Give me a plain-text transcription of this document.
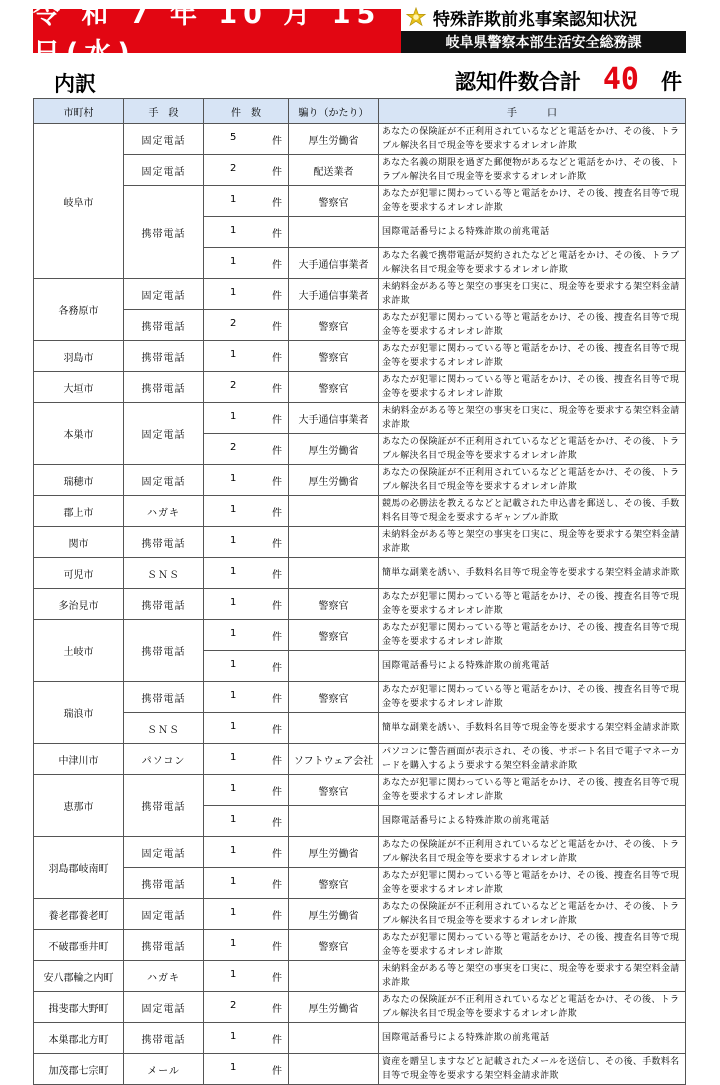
令 和 7 年 10 月 15 日(水)
特殊詐欺前兆事案認知状況
岐阜県警察本部生活安全総務課
内訳	認知件数合計 40 件
市町村	手　段	件　数	騙り（かたり）	手　　　口
岐阜市	固定電話	5 件	厚生労働省	あなたの保険証が不正利用されているなどと電話をかけ、その後、トラブル解決名目で現金等を要求するオレオレ詐欺
	固定電話	2 件	配送業者	あなた名義の期限を過ぎた郵便物があるなどと電話をかけ、その後、トラブル解決名目で現金等を要求するオレオレ詐欺
	携帯電話	1 件	警察官	あなたが犯罪に関わっている等と電話をかけ、その後、捜査名目等で現金等を要求するオレオレ詐欺

		1 件		国際電話番号による特殊詐欺の前兆電話

		1 件	大手通信事業者	あなた名義で携帯電話が契約されたなどと電話をかけ、その後、トラブル解決名目で現金等を要求するオレオレ詐欺
各務原市	固定電話	1 件	大手通信事業者	未納料金がある等と架空の事実を口実に、現金等を要求する架空料金請求詐欺
	携帯電話	2 件	警察官	あなたが犯罪に関わっている等と電話をかけ、その後、捜査名目等で現金等を要求するオレオレ詐欺
羽島市	携帯電話	1 件	警察官	あなたが犯罪に関わっている等と電話をかけ、その後、捜査名目等で現金等を要求するオレオレ詐欺
大垣市	携帯電話	2 件	警察官	あなたが犯罪に関わっている等と電話をかけ、その後、捜査名目等で現金等を要求するオレオレ詐欺
本巣市	固定電話	1 件	大手通信事業者	未納料金がある等と架空の事実を口実に、現金等を要求する架空料金請求詐欺

		2 件	厚生労働省	あなたの保険証が不正利用されているなどと電話をかけ、その後、トラブル解決名目で現金等を要求するオレオレ詐欺
瑞穂市	固定電話	1 件	厚生労働省	あなたの保険証が不正利用されているなどと電話をかけ、その後、トラブル解決名目で現金等を要求するオレオレ詐欺
郡上市	ハガキ	1 件		競馬の必勝法を教えるなどと記載された申込書を郵送し、その後、手数料名目等で現金を要求するギャンブル詐欺
関市	携帯電話	1 件		未納料金がある等と架空の事実を口実に、現金等を要求する架空料金請求詐欺
可児市	ＳＮＳ	1 件		簡単な副業を誘い、手数料名目等で現金等を要求する架空料金請求詐欺
多治見市	携帯電話	1 件	警察官	あなたが犯罪に関わっている等と電話をかけ、その後、捜査名目等で現金等を要求するオレオレ詐欺
土岐市	携帯電話	1 件	警察官	あなたが犯罪に関わっている等と電話をかけ、その後、捜査名目等で現金等を要求するオレオレ詐欺

		1 件		国際電話番号による特殊詐欺の前兆電話
瑞浪市	携帯電話	1 件	警察官	あなたが犯罪に関わっている等と電話をかけ、その後、捜査名目等で現金等を要求するオレオレ詐欺
	ＳＮＳ	1 件		簡単な副業を誘い、手数料名目等で現金等を要求する架空料金請求詐欺
中津川市	パソコン	1 件	ソフトウェア会社	パソコンに警告画面が表示され、その後、サポート名目で電子マネーカードを購入するよう要求する架空料金請求詐欺
恵那市	携帯電話	1 件	警察官	あなたが犯罪に関わっている等と電話をかけ、その後、捜査名目等で現金等を要求するオレオレ詐欺

		1 件		国際電話番号による特殊詐欺の前兆電話
羽島郡岐南町	固定電話	1 件	厚生労働省	あなたの保険証が不正利用されているなどと電話をかけ、その後、トラブル解決名目で現金等を要求するオレオレ詐欺
	携帯電話	1 件	警察官	あなたが犯罪に関わっている等と電話をかけ、その後、捜査名目等で現金等を要求するオレオレ詐欺
養老郡養老町	固定電話	1 件	厚生労働省	あなたの保険証が不正利用されているなどと電話をかけ、その後、トラブル解決名目で現金等を要求するオレオレ詐欺
不破郡垂井町	携帯電話	1 件	警察官	あなたが犯罪に関わっている等と電話をかけ、その後、捜査名目等で現金等を要求するオレオレ詐欺
安八郡輪之内町	ハガキ	1 件		未納料金がある等と架空の事実を口実に、現金等を要求する架空料金請求詐欺
揖斐郡大野町	固定電話	2 件	厚生労働省	あなたの保険証が不正利用されているなどと電話をかけ、その後、トラブル解決名目で現金等を要求するオレオレ詐欺
本巣郡北方町	携帯電話	1 件		国際電話番号による特殊詐欺の前兆電話
加茂郡七宗町	メール	1 件		資産を贈呈しますなどと記載されたメールを送信し、その後、手数料名目等で現金等を要求する架空料金請求詐欺
